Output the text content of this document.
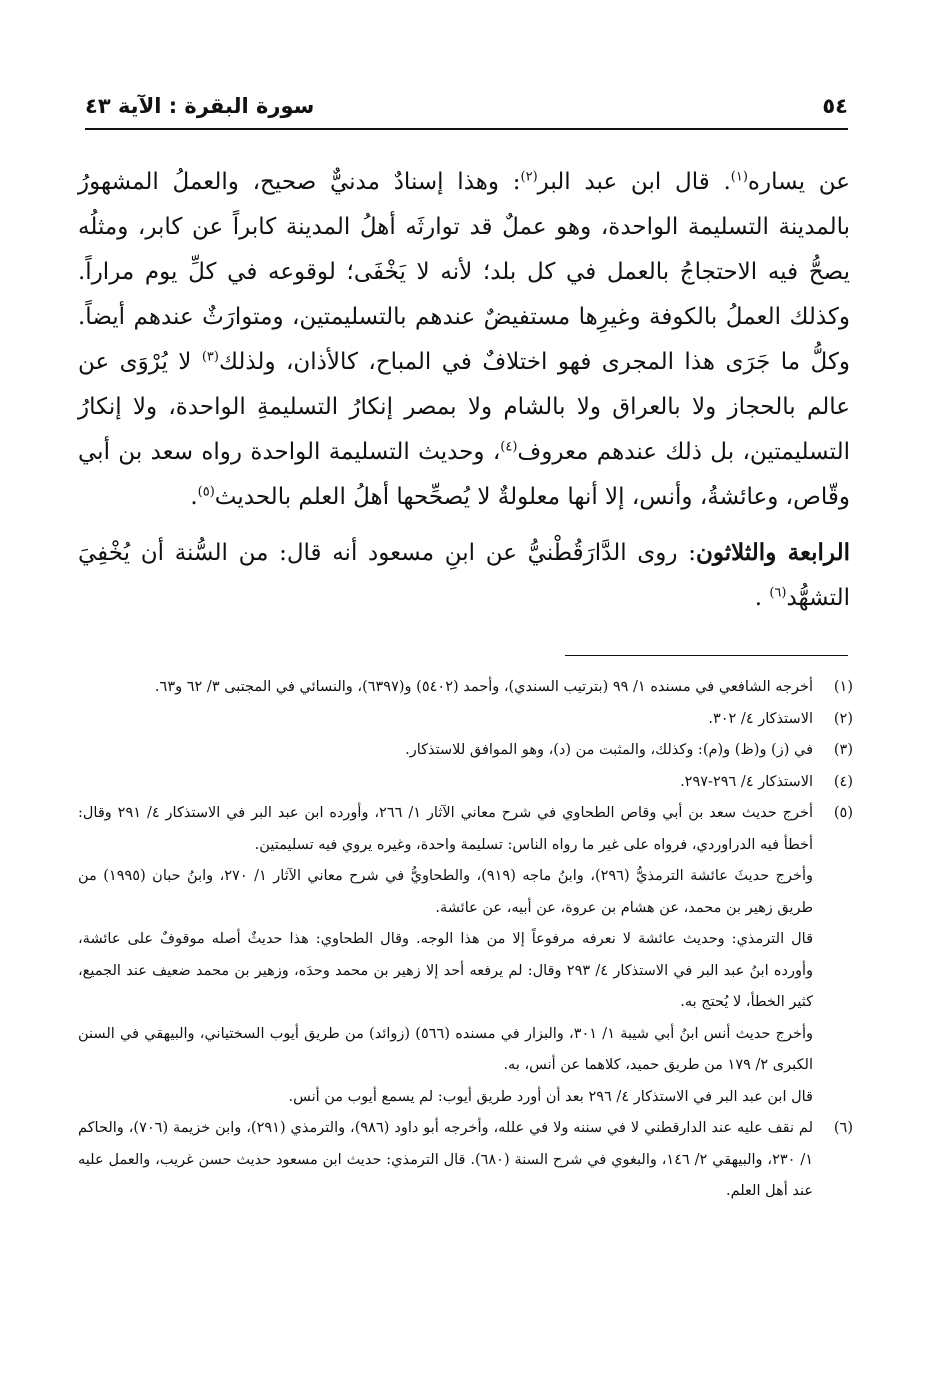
٥٤
سورة البقرة : الآية ٤٣

عن يساره$^{(١)}$. قال ابن عبد البر$^{(٢)}$: وهذا إسنادٌ مدنيٌّ صحيح، والعملُ المشهورُ بالمدينة التسليمة الواحدة، وهو عملٌ قد توارثَه أهلُ المدينة كابراً عن كابر، ومثلُه يصحُّ فيه الاحتجاجُ بالعمل في كل بلد؛ لأنه لا يَخْفَى؛ لوقوعه في كلِّ يوم مراراً. وكذلك العملُ بالكوفة وغيرِها مستفيضٌ عندهم بالتسليمتين، ومتوارَثٌ عندهم أيضاً. وكلُّ ما جَرَى هذا المجرى فهو اختلافٌ في المباح، كالأذان، ولذلك$^{(٣)}$ لا يُرْوَى عن عالم بالحجاز ولا بالعراق ولا بالشام ولا بمصر إنكارُ التسليمةِ الواحدة، ولا إنكارُ التسليمتين، بل ذلك عندهم معروف$^{(٤)}$، وحديث التسليمة الواحدة رواه سعد بن أبي وقّاص، وعائشةُ، وأنس، إلا أنها معلولةٌ لا يُصحِّحها أهلُ العلم بالحديث$^{(٥)}$.

الرابعة والثلاثون: روى الدَّارَقُطْنيُّ عن ابنِ مسعود أنه قال: من السُّنة أن يُخْفِيَ التشهُّد$^{(٦)}$ .

(١)

أخرجه الشافعي في مسنده ١/ ٩٩ (بترتيب السندي)، وأحمد (٥٤٠٢) و(٦٣٩٧)، والنسائي في المجتبى ٣/ ٦٢ و٦٣.

(٢)

الاستذكار ٤/ ٣٠٢.

(٣)

في (ز) و(ظ) و(م): وكذلك، والمثبت من (د)، وهو الموافق للاستذكار.

(٤)

الاستذكار ٤/ ٢٩٦-٢٩٧.

(٥)

أخرج حديث سعد بن أبي وقاص الطحاوي في شرح معاني الآثار ١/ ٢٦٦، وأورده ابن عبد البر في الاستذكار ٤/ ٢٩١ وقال: أخطأ فيه الدراوردي، فرواه على غير ما رواه الناس: تسليمة واحدة، وغيره يروي فيه تسليمتين.

وأخرج حديثَ عائشة الترمذيُّ (٢٩٦)، وابنُ ماجه (٩١٩)، والطحاويُّ في شرح معاني الآثار ١/ ٢٧٠، وابنُ حبان (١٩٩٥) من طريق زهير بن محمد، عن هشام بن عروة، عن أبيه، عن عائشة.

قال الترمذي: وحديث عائشة لا نعرفه مرفوعاً إلا من هذا الوجه. وقال الطحاوي: هذا حديثٌ أصله موقوفٌ على عائشة، وأورده ابنُ عبد البر في الاستذكار ٤/ ٢٩٣ وقال: لم يرفعه أحد إلا زهير بن محمد وحدَه، وزهير بن محمد ضعيف عند الجميع، كثير الخطأ، لا يُحتج به.

وأخرج حديث أنس ابنُ أبي شيبة ١/ ٣٠١، والبزار في مسنده (٥٦٦) (زوائد) من طريق أيوب السختياني، والبيهقي في السنن الكبرى ٢/ ١٧٩ من طريق حميد، كلاهما عن أنس، به.

قال ابن عبد البر في الاستذكار ٤/ ٢٩٦ بعد أن أورد طريق أيوب: لم يسمع أيوب من أنس.

(٦)

لم نقف عليه عند الدارقطني لا في سننه ولا في علله، وأخرجه أبو داود (٩٨٦)، والترمذي (٢٩١)، وابن خزيمة (٧٠٦)، والحاكم ١/ ٢٣٠، والبيهقي ٢/ ١٤٦، والبغوي في شرح السنة (٦٨٠). قال الترمذي: حديث ابن مسعود حديث حسن غريب، والعمل عليه عند أهل العلم.
